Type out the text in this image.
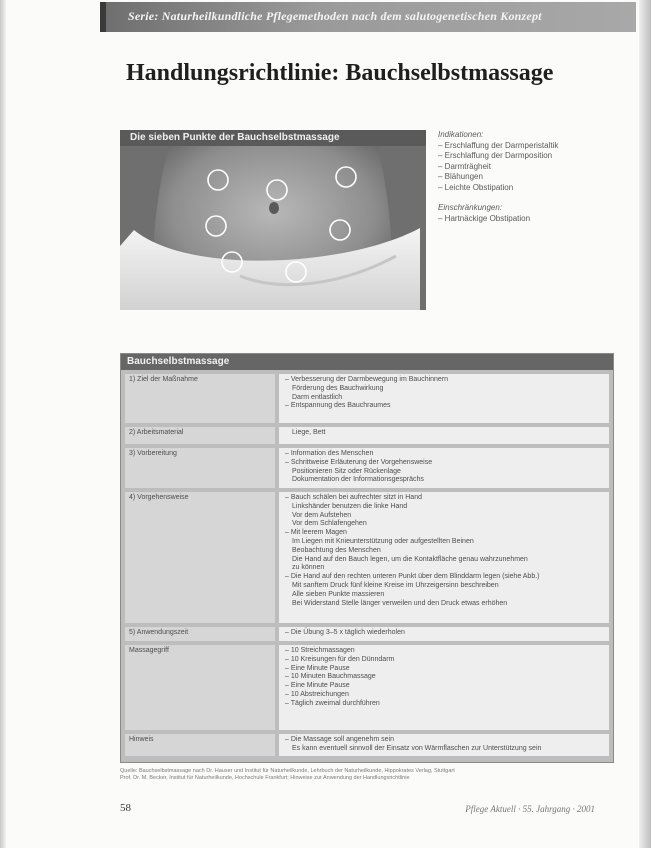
Serie: Naturheilkundliche Pflegemethoden nach dem salutogenetischen Konzept
Handlungsrichtlinie: Bauchselbstmassage
Die sieben Punkte der Bauchselbstmassage	Indikationen:
– Erschlaffung der Darmperistaltik
– Erschlaffung der Darmposition
– Darmträgheit
– Blähungen
– Leichte Obstipation
Einschränkungen:
– Hartnäckige Obstipation
Bauchselbstmassage
1) Ziel der Maßnahme	– Verbesserung der Darmbewegung im Bauchinnern
Förderung des Bauchwirkung
Darm entlastlich
– Entspannung des Bauchraumes
2) Arbeitsmaterial	Liege, Bett
3) Vorbereitung	– Information des Menschen
– Schrittweise Erläuterung der Vorgehensweise
Positionieren Sitz oder Rückenlage
Dokumentation der Informationsgesprächs
4) Vorgehensweise	– Bauch schälen bei aufrechter sitzt in Hand
Linkshänder benutzen die linke Hand
Vor dem Aufstehen
Vor dem Schlafengehen
– Mit leerem Magen
Im Liegen mit Knieunterstützung oder aufgestellten Beinen
Beobachtung des Menschen
Die Hand auf den Bauch legen, um die Kontaktfläche genau wahrzunehmen
zu können
– Die Hand auf den rechten unteren Punkt über dem Blinddarm legen (siehe Abb.)
Mit sanftem Druck fünf kleine Kreise im Uhrzeigersinn beschreiben
Alle sieben Punkte massieren
Bei Widerstand Stelle länger verweilen und den Druck etwas erhöhen
5) Anwendungszeit	– Die Übung 3–5 x täglich wiederholen
Massagegriff	– 10 Streichmassagen
– 10 Kreisungen für den Dünndarm
– Eine Minute Pause
– 10 Minuten Bauchmassage
– Eine Minute Pause
– 10 Abstreichungen
– Täglich zweimal durchführen
Hinweis	– Die Massage soll angenehm sein
Es kann eventuell sinnvoll der Einsatz von Wärmflaschen zur Unterstützung sein
Quelle: Bauchselbstmassage nach Dr. Hauser und Institut für Naturheilkunde, Lehrbuch der Naturheilkunde, Hippokrates Verlag, Stuttgart
Prof. Dr. M. Becker, Institut für Naturheilkunde, Hochschule Frankfurt; Hinweise zur Anwendung der Handlungsrichtlinie
58	Pflege Aktuell · 55. Jahrgang · 2001
